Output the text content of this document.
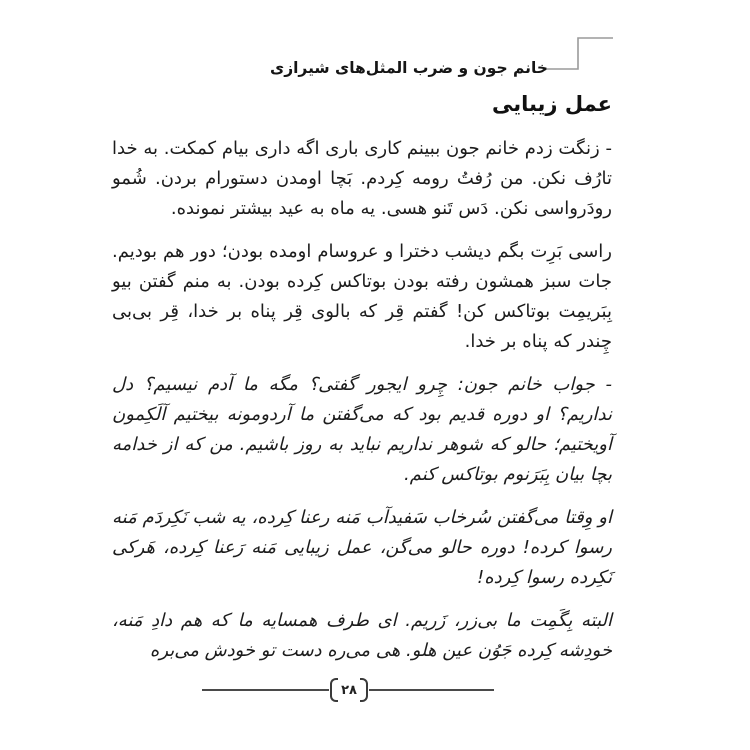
خانم جون و ضرب المثل‌های شیرازی
عمل زیبایی

- زنگت زدم خانم جون ببینم کاری باری اگه داری بیام کمکت. به خدا تارُف نکن. من رُفتُ رومه کِردم. بَچا اومدن دستورام بردن. شُمو رودَرواسی نکن. دَس تَنو هسی. یه ماه به عید بیشتر نمونده.

راسی بَرِت بگم دیشب دخترا و عروسام اومده بودن؛ دور هم بودیم. جات سبز همشون رفته بودن بوتاکس کِرده بودن. به منم گفتن بیو بِبَریمِت بوتاکس کن! گفتم قِر که بالوی قِر پناه بر خدا، قِر بی‌بی چِندر که پناه بر خدا.

- جواب خانم جون: چِرو ایجور گفتی؟ مگه ما آدم نیسیم؟ دل نداریم؟ او دوره قدیم بود که می‌گفتن ما آردومونه بیختیم آلَکِمون آویختیم؛ حالو که شوهر نداریم نباید به روز باشیم. من که از خدامه بچا بیان بِبَرَنوم بوتاکس کنم.

او وِقتا می‌گفتن سُرخاب سَفیدآب مَنه رعنا کِرده، یه شب نَکِردَم مَنه رسوا کرده! دوره حالو می‌گن، عمل زیبایی مَنه رَعنا کِرده، هَرکی نَکِرده رسوا کِرده!

البته بِگَمِت ما بی‌زر، زَریم. ای طرف همسایه ما که هم دادِ مَنه، خودِشه کِرده جَوُن عین هلو. هی می‌ره دست تو خودش می‌بره

۲۸
